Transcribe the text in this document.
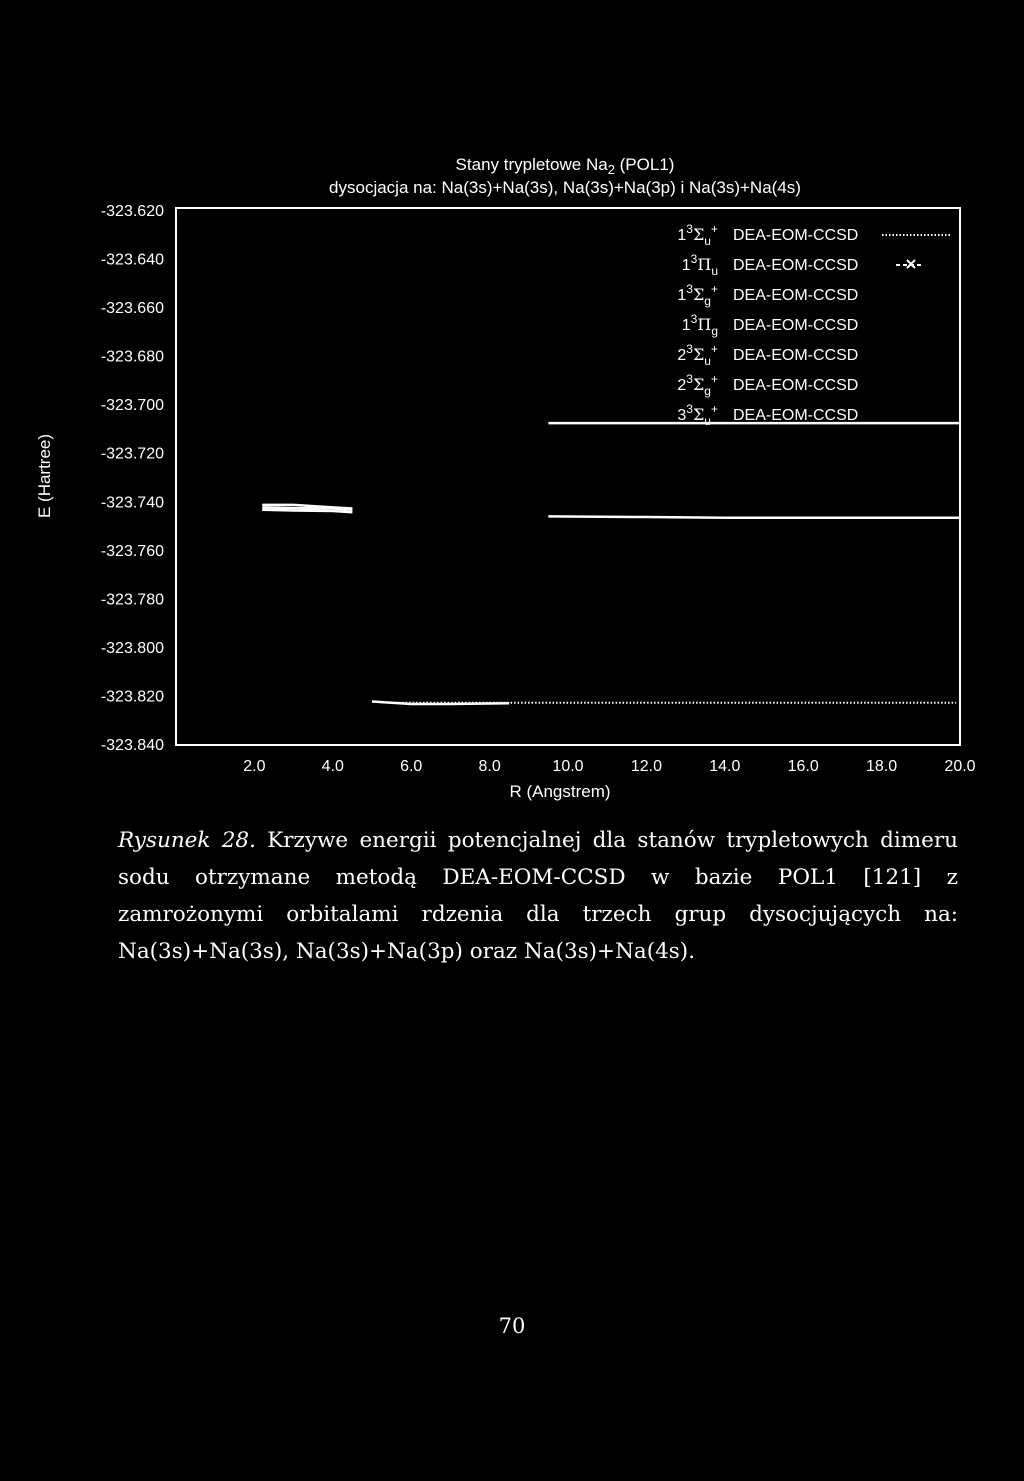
Stany trypletowe $Na_2$ (POL1)
dysocjacja na: Na(3s)+Na(3s), Na(3s)+Na(3p) i Na(3s)+Na(4s)
-323.620
-323.640
-323.660
-323.680
-323.700
-323.720
-323.740
-323.760
-323.780
-323.800
-323.820
-323.840
2.0	4.0	6.0	8.0	10.0	12.0	14.0	16.0	18.0	20.0
R (Angstrem)
E (Hartree)
$1^3\Sigma_u^+$ DEA-EOM-CCSD
$1^3\Pi_u$ DEA-EOM-CCSD
$1^3\Sigma_g^+$ DEA-EOM-CCSD
$1^3\Pi_g$ DEA-EOM-CCSD
$2^3\Sigma_u^+$ DEA-EOM-CCSD
$2^3\Sigma_g^+$ DEA-EOM-CCSD
$3^3\Sigma_u^+$ DEA-EOM-CCSD
Rysunek 28. Krzywe energii potencjalnej dla stanów trypletowych dimeru sodu otrzymane metodą DEA-EOM-CCSD w bazie POL1 [121] z zamrożonymi orbitalami rdzenia dla trzech grup dysocjujących na: Na(3s)+Na(3s), Na(3s)+Na(3p) oraz Na(3s)+Na(4s).
70
